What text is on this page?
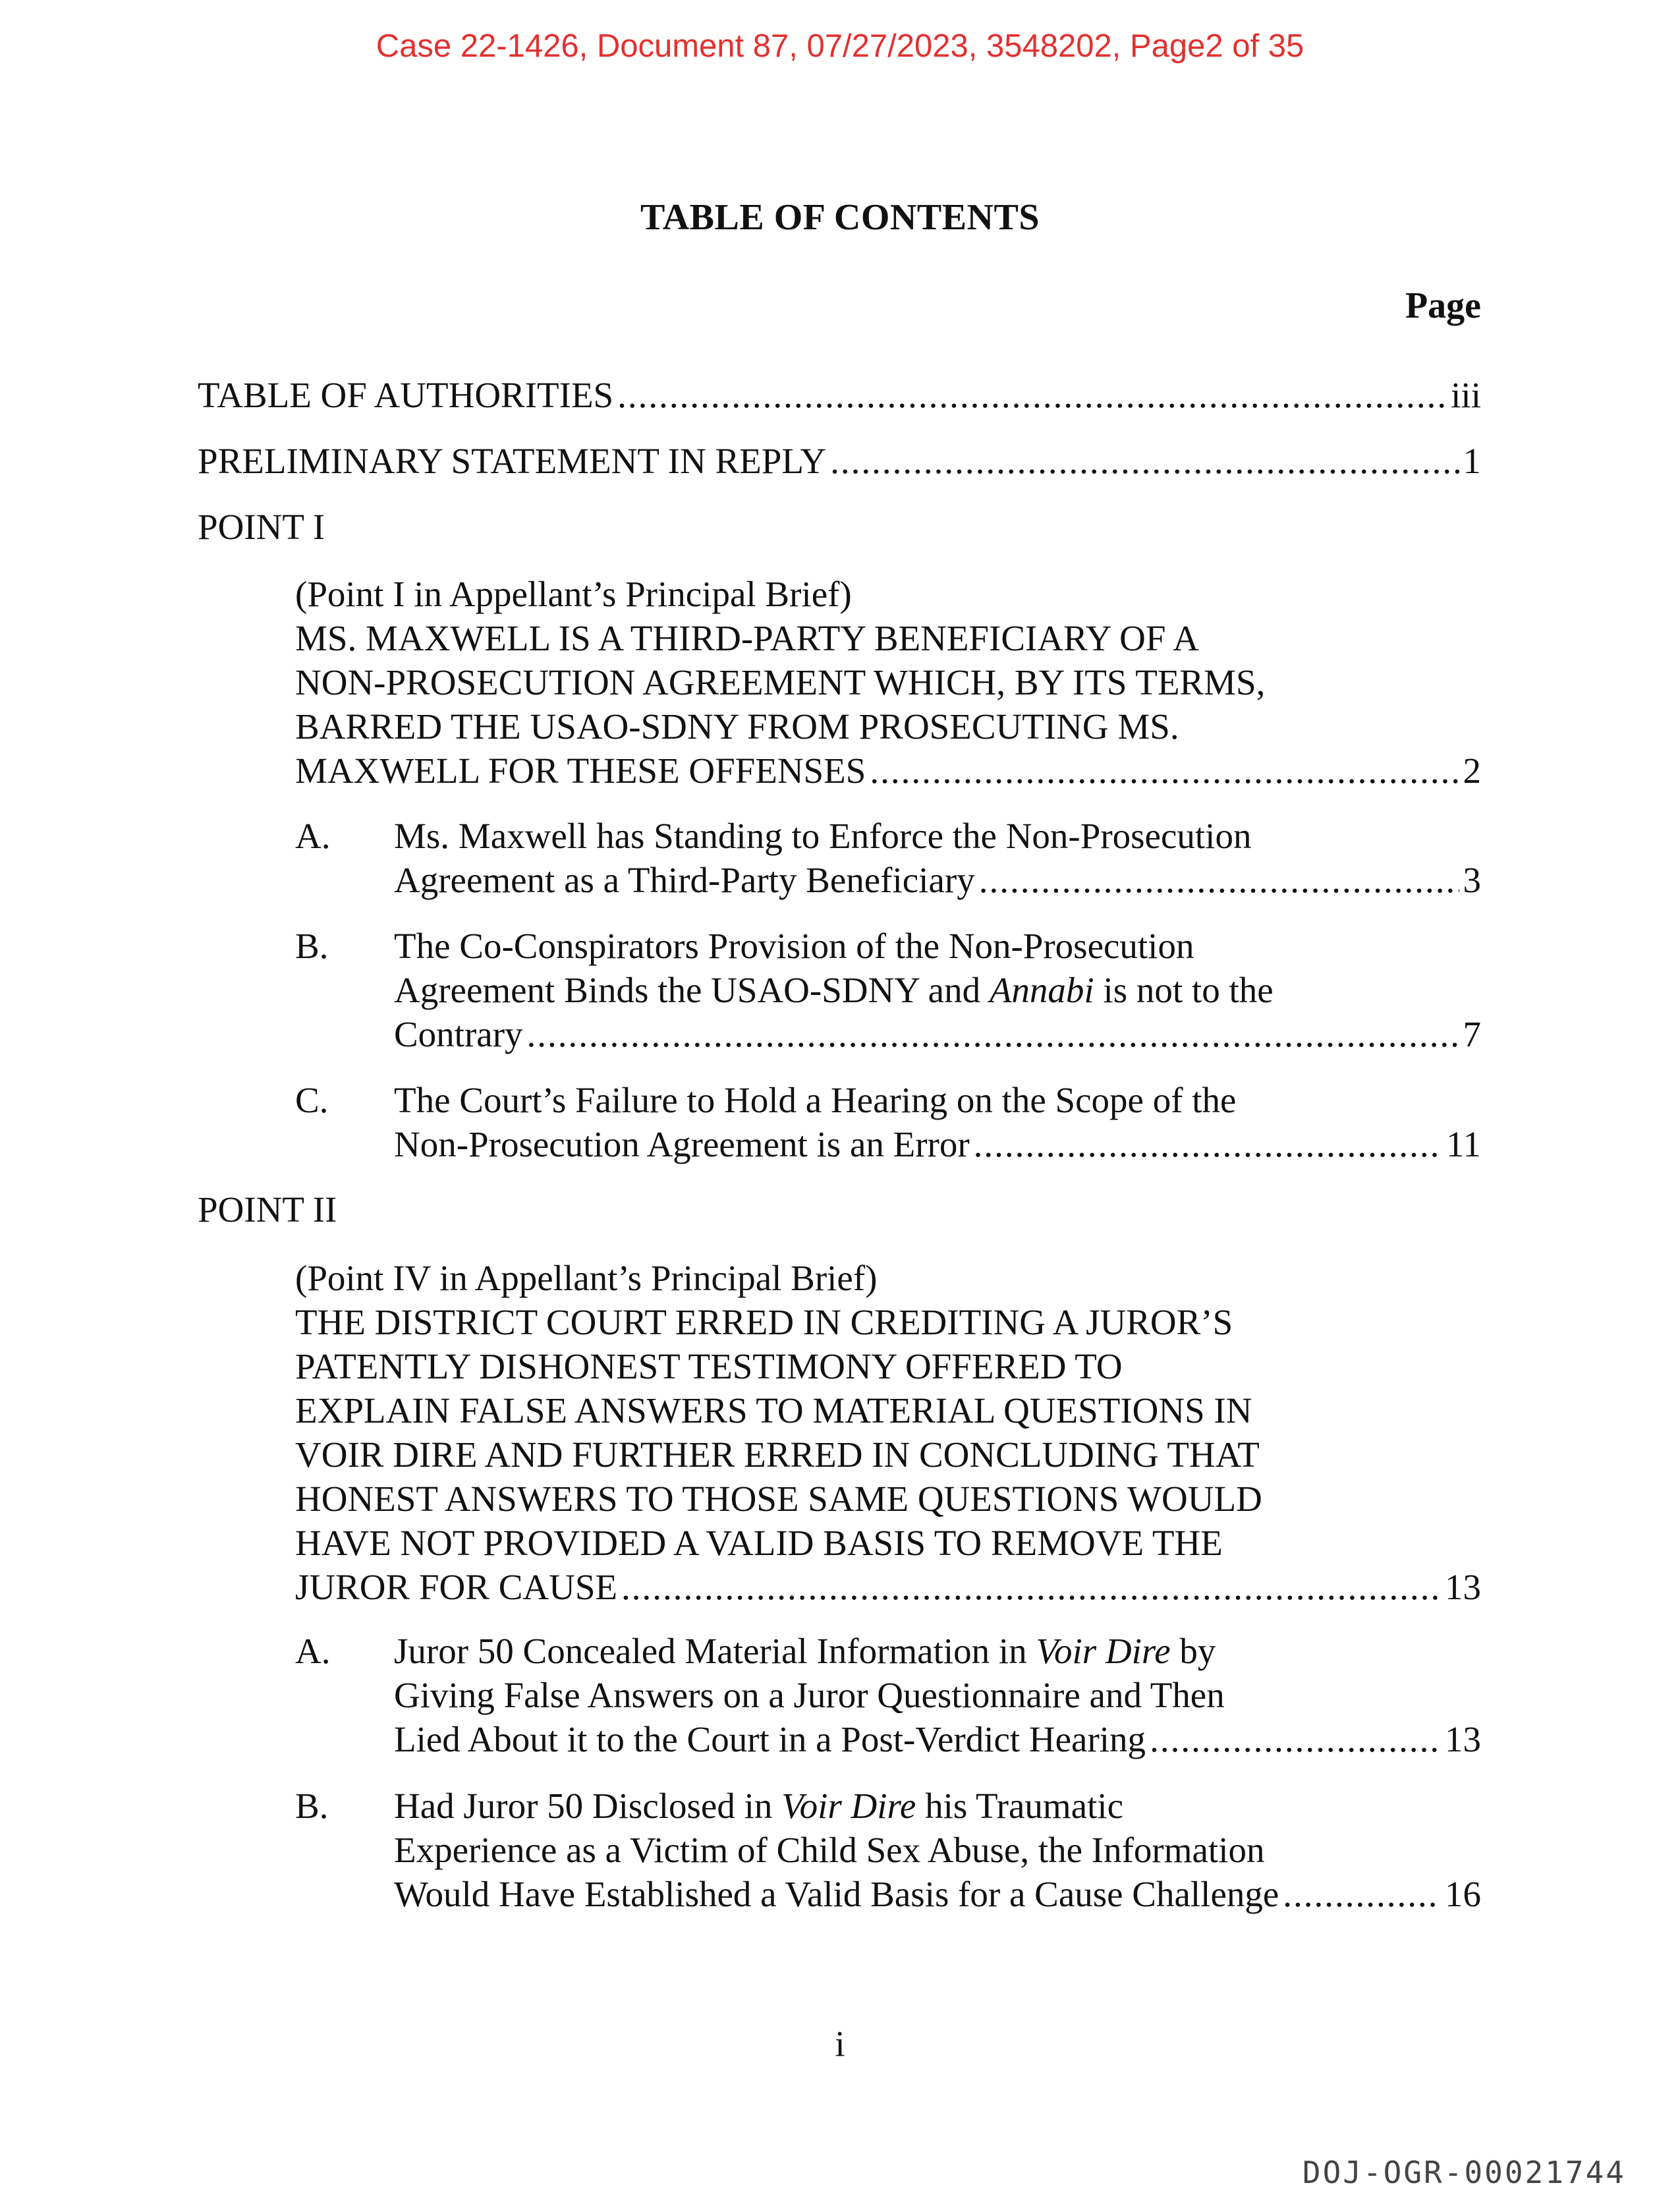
Case 22-1426, Document 87, 07/27/2023, 3548202, Page2 of 35
TABLE OF CONTENTS
Page
TABLE OF AUTHORITIES .....	iii
PRELIMINARY STATEMENT IN REPLY .....	1
POINT I
(Point I in Appellant’s Principal Brief)
MS. MAXWELL IS A THIRD-PARTY BENEFICIARY OF A
NON-PROSECUTION AGREEMENT WHICH, BY ITS TERMS,
BARRED THE USAO-SDNY FROM PROSECUTING MS.
MAXWELL FOR THESE OFFENSES .....	2
A. Ms. Maxwell has Standing to Enforce the Non-Prosecution
Agreement as a Third-Party Beneficiary .....	3
B. The Co-Conspirators Provision of the Non-Prosecution
Agreement Binds the USAO-SDNY and Annabi is not to the
Contrary .....	7
C. The Court’s Failure to Hold a Hearing on the Scope of the
Non-Prosecution Agreement is an Error .....	11
POINT II
(Point IV in Appellant’s Principal Brief)
THE DISTRICT COURT ERRED IN CREDITING A JUROR’S
PATENTLY DISHONEST TESTIMONY OFFERED TO
EXPLAIN FALSE ANSWERS TO MATERIAL QUESTIONS IN
VOIR DIRE AND FURTHER ERRED IN CONCLUDING THAT
HONEST ANSWERS TO THOSE SAME QUESTIONS WOULD
HAVE NOT PROVIDED A VALID BASIS TO REMOVE THE
JUROR FOR CAUSE .....	13
A. Juror 50 Concealed Material Information in Voir Dire by
Giving False Answers on a Juror Questionnaire and Then
Lied About it to the Court in a Post-Verdict Hearing .....	13
B. Had Juror 50 Disclosed in Voir Dire his Traumatic
Experience as a Victim of Child Sex Abuse, the Information
Would Have Established a Valid Basis for a Cause Challenge .....	16
i
DOJ-OGR-00021744
